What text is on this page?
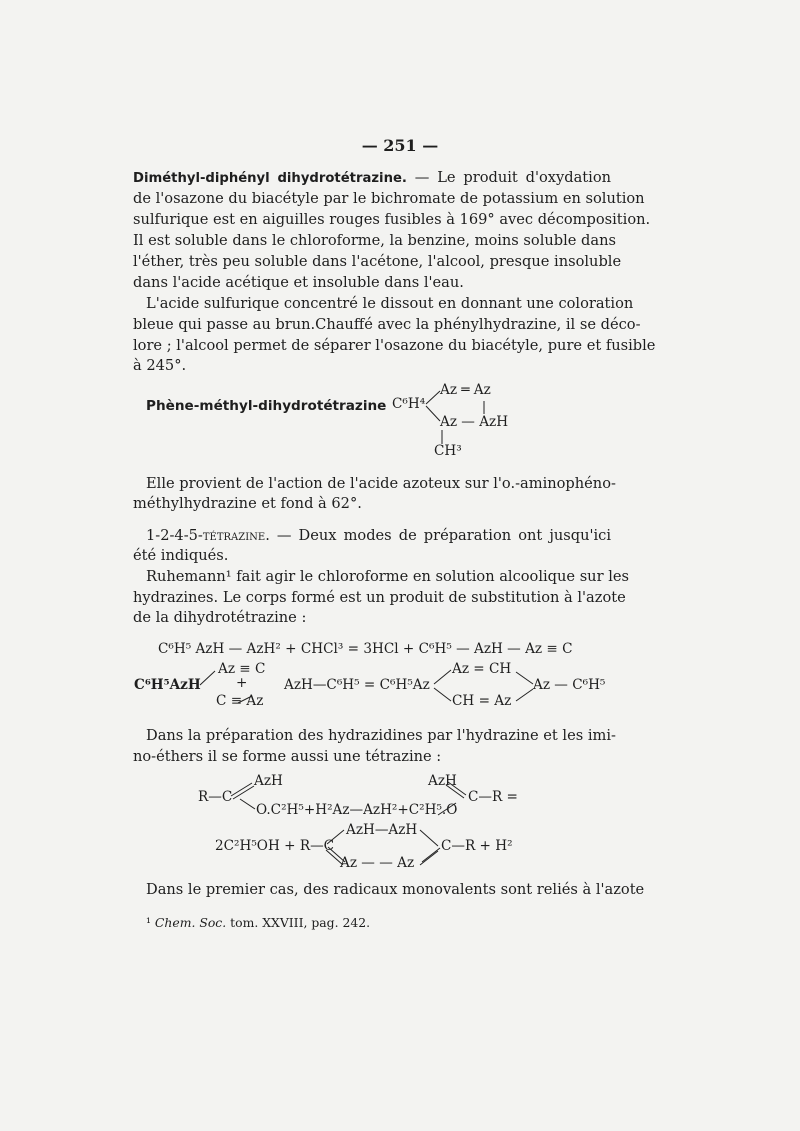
— 251 —
Diméthyl-diphényl dihydrotétrazine. — Le produit d'oxydation
de l'osazone du biacétyle par le bichromate de potassium en solution
sulfurique est en aiguilles rouges fusibles à 169° avec décomposition.
Il est soluble dans le chloroforme, la benzine, moins soluble dans
l'éther, très peu soluble dans l'acétone, l'alcool, presque insoluble
dans l'acide acétique et insoluble dans l'eau.
L'acide sulfurique concentré le dissout en donnant une coloration
bleue qui passe au brun.Chauffé avec la phénylhydrazine, il se déco-
lore ; l'alcool permet de séparer l'osazone du biacétyle, pure et fusible
à 245°.
Phène-méthyl-dihydrotétrazine C⁶H⁴
Az ═ Az
Az — AzH
CH³
Elle provient de l'action de l'acide azoteux sur l'o.-aminophéno-
méthylhydrazine et fond à 62°.
1-2-4-5-tétrazine. — Deux modes de préparation ont jusqu'ici
été indiqués.
Ruhemann¹ fait agir le chloroforme en solution alcoolique sur les
hydrazines. Le corps formé est un produit de substitution à l'azote
de la dihydrotétrazine :
C⁶H⁵ AzH — AzH² + CHCl³ = 3HCl + C⁶H⁵ — AzH — Az ≡ C
Az ≡ C
C⁶H⁵AzH	+
C ≡ Az
AzH—C⁶H⁵ = C⁶H⁵Az
Az = CH
CH = Az
Az — C⁶H⁵
Dans la préparation des hydrazidines par l'hydrazine et les imi-
no-éthers il se forme aussi une tétrazine :
AzH
R—C
O.C²H⁵+H²Az—AzH²+C²H⁵.O
AzH
C—R =
AzH—AzH
2C²H⁵OH + R—C	C—R + H²
Az — — Az
Dans le premier cas, des radicaux monovalents sont reliés à l'azote
¹ Chem. Soc. tom. XXVIII, pag. 242.
